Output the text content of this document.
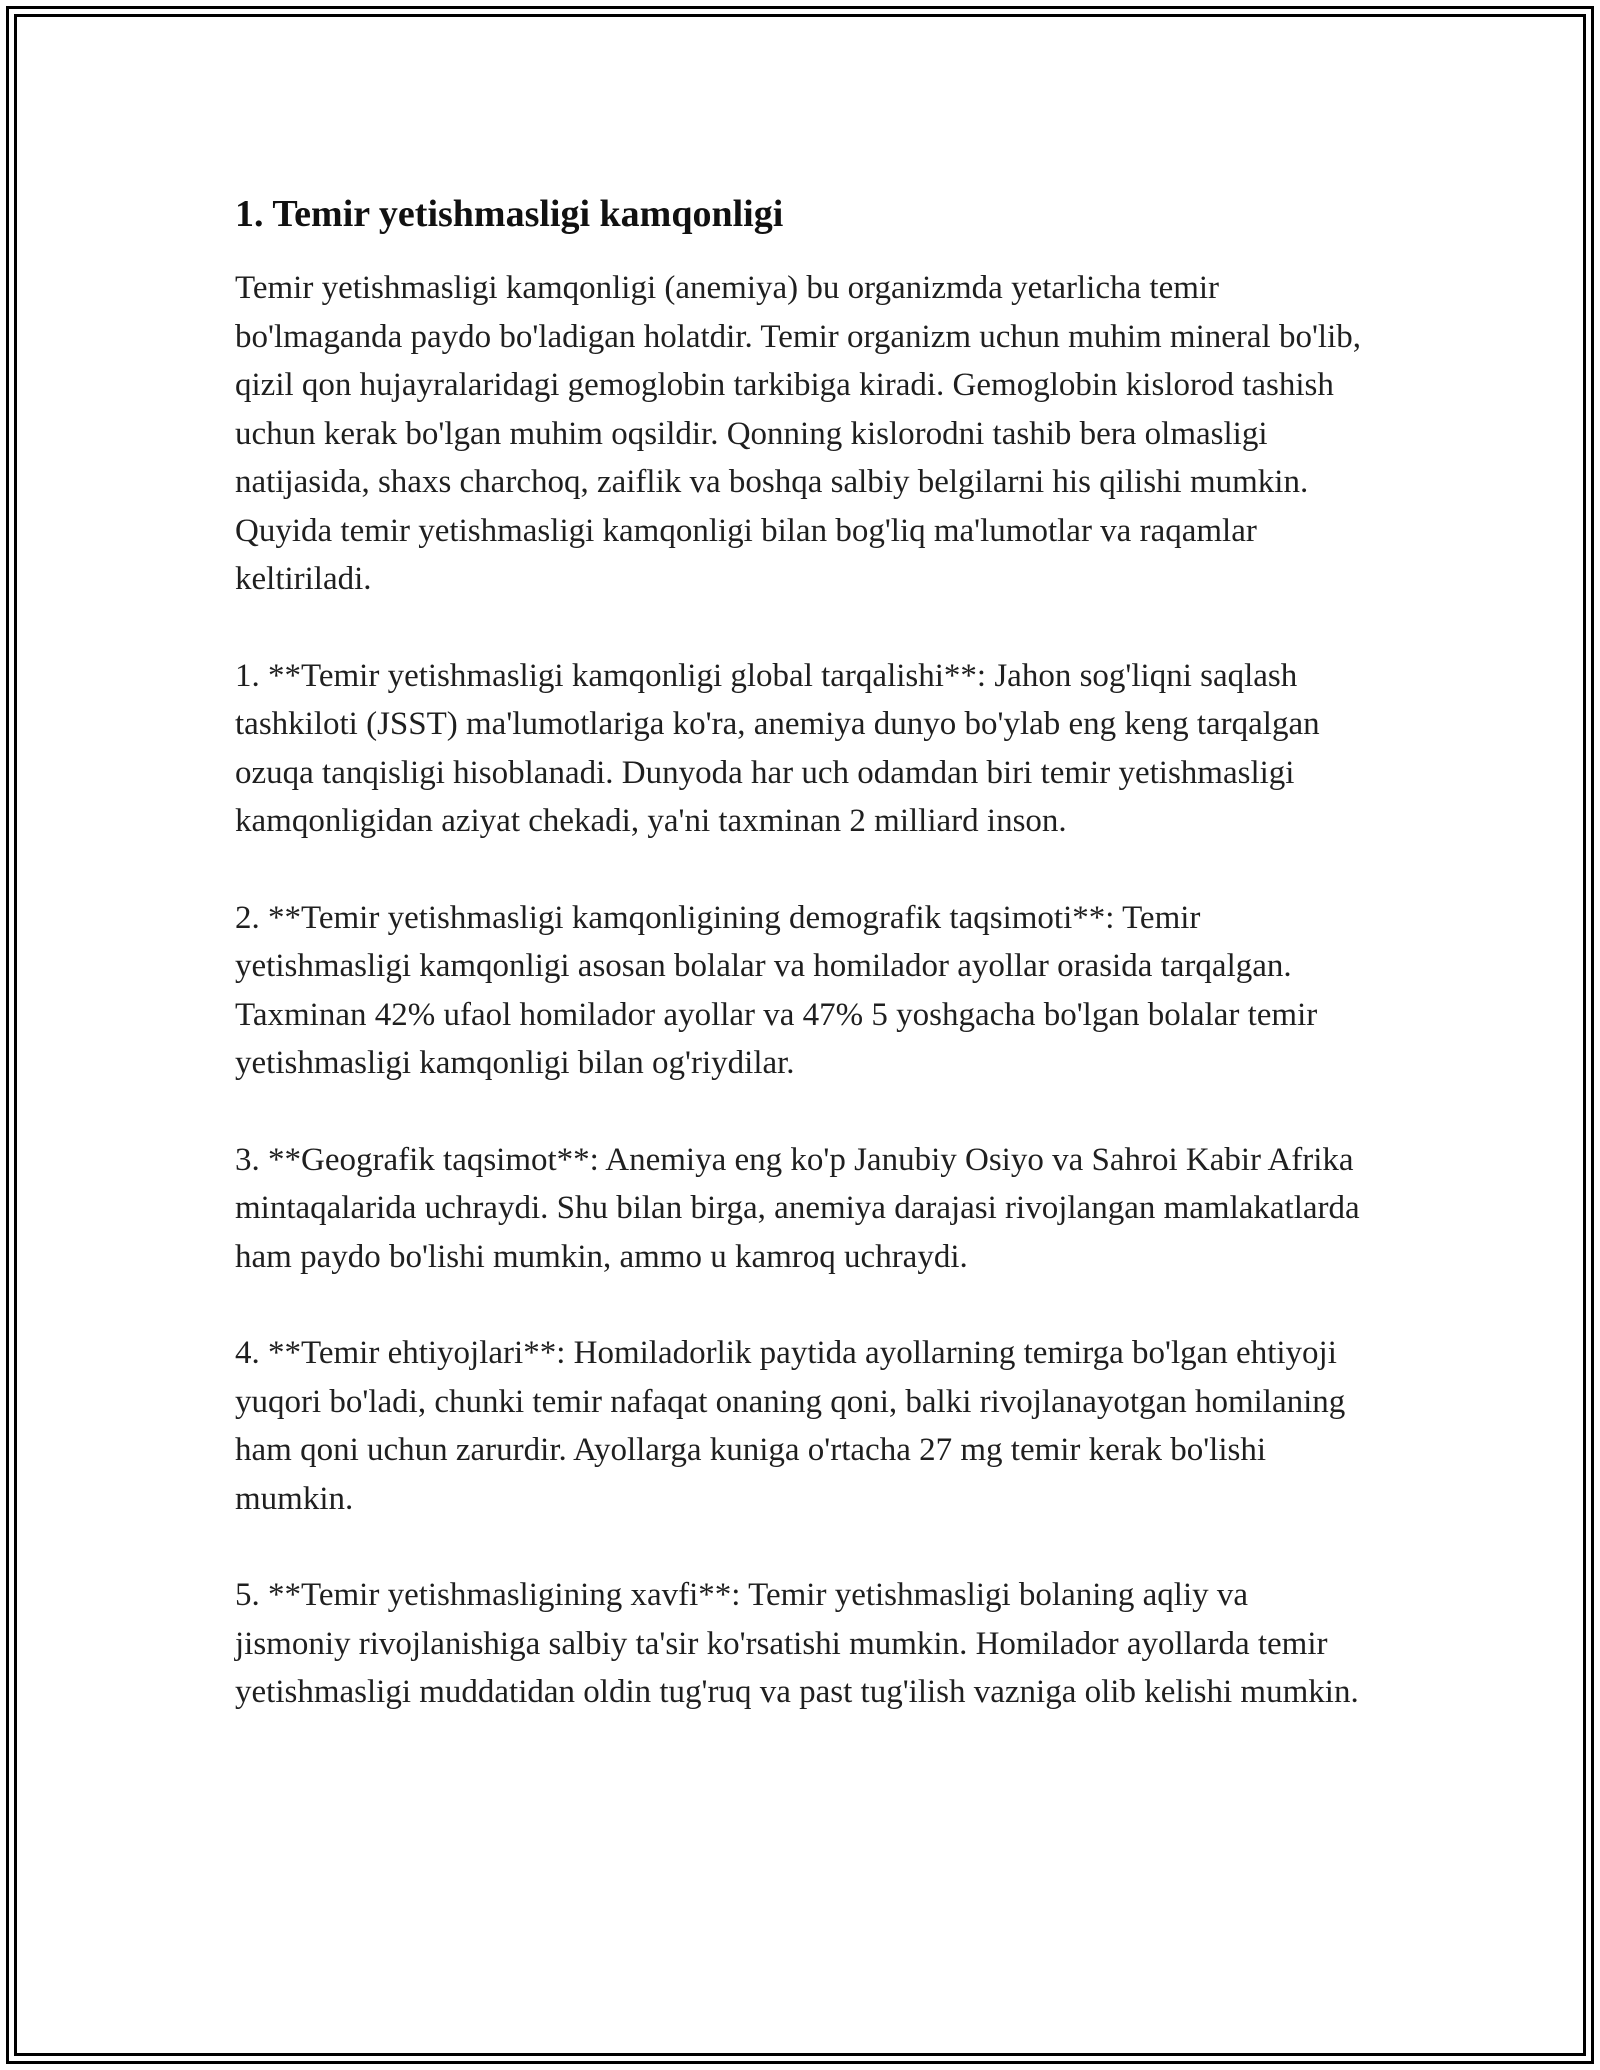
1. Temir yetishmasligi kamqonligi

Temir yetishmasligi kamqonligi (anemiya) bu organizmda yetarlicha temir bo'lmaganda paydo bo'ladigan holatdir. Temir organizm uchun muhim mineral bo'lib, qizil qon hujayralaridagi gemoglobin tarkibiga kiradi. Gemoglobin kislorod tashish uchun kerak bo'lgan muhim oqsildir. Qonning kislorodni tashib bera olmasligi natijasida, shaxs charchoq, zaiflik va boshqa salbiy belgilarni his qilishi mumkin. Quyida temir yetishmasligi kamqonligi bilan bog'liq ma'lumotlar va raqamlar keltiriladi.

1. **Temir yetishmasligi kamqonligi global tarqalishi**: Jahon sog'liqni saqlash tashkiloti (JSST) ma'lumotlariga ko'ra, anemiya dunyo bo'ylab eng keng tarqalgan ozuqa tanqisligi hisoblanadi. Dunyoda har uch odamdan biri temir yetishmasligi kamqonligidan aziyat chekadi, ya'ni taxminan 2 milliard inson.

2. **Temir yetishmasligi kamqonligining demografik taqsimoti**: Temir yetishmasligi kamqonligi asosan bolalar va homilador ayollar orasida tarqalgan. Taxminan 42% ufaol homilador ayollar va 47% 5 yoshgacha bo'lgan bolalar temir yetishmasligi kamqonligi bilan og'riydilar.

3. **Geografik taqsimot**: Anemiya eng ko'p Janubiy Osiyo va Sahroi Kabir Afrika mintaqalarida uchraydi. Shu bilan birga, anemiya darajasi rivojlangan mamlakatlarda ham paydo bo'lishi mumkin, ammo u kamroq uchraydi.

4. **Temir ehtiyojlari**: Homiladorlik paytida ayollarning temirga bo'lgan ehtiyoji yuqori bo'ladi, chunki temir nafaqat onaning qoni, balki rivojlanayotgan homilaning ham qoni uchun zarurdir. Ayollarga kuniga o'rtacha 27 mg temir kerak bo'lishi mumkin.

5. **Temir yetishmasligining xavfi**: Temir yetishmasligi bolaning aqliy va jismoniy rivojlanishiga salbiy ta'sir ko'rsatishi mumkin. Homilador ayollarda temir yetishmasligi muddatidan oldin tug'ruq va past tug'ilish vazniga olib kelishi mumkin.
